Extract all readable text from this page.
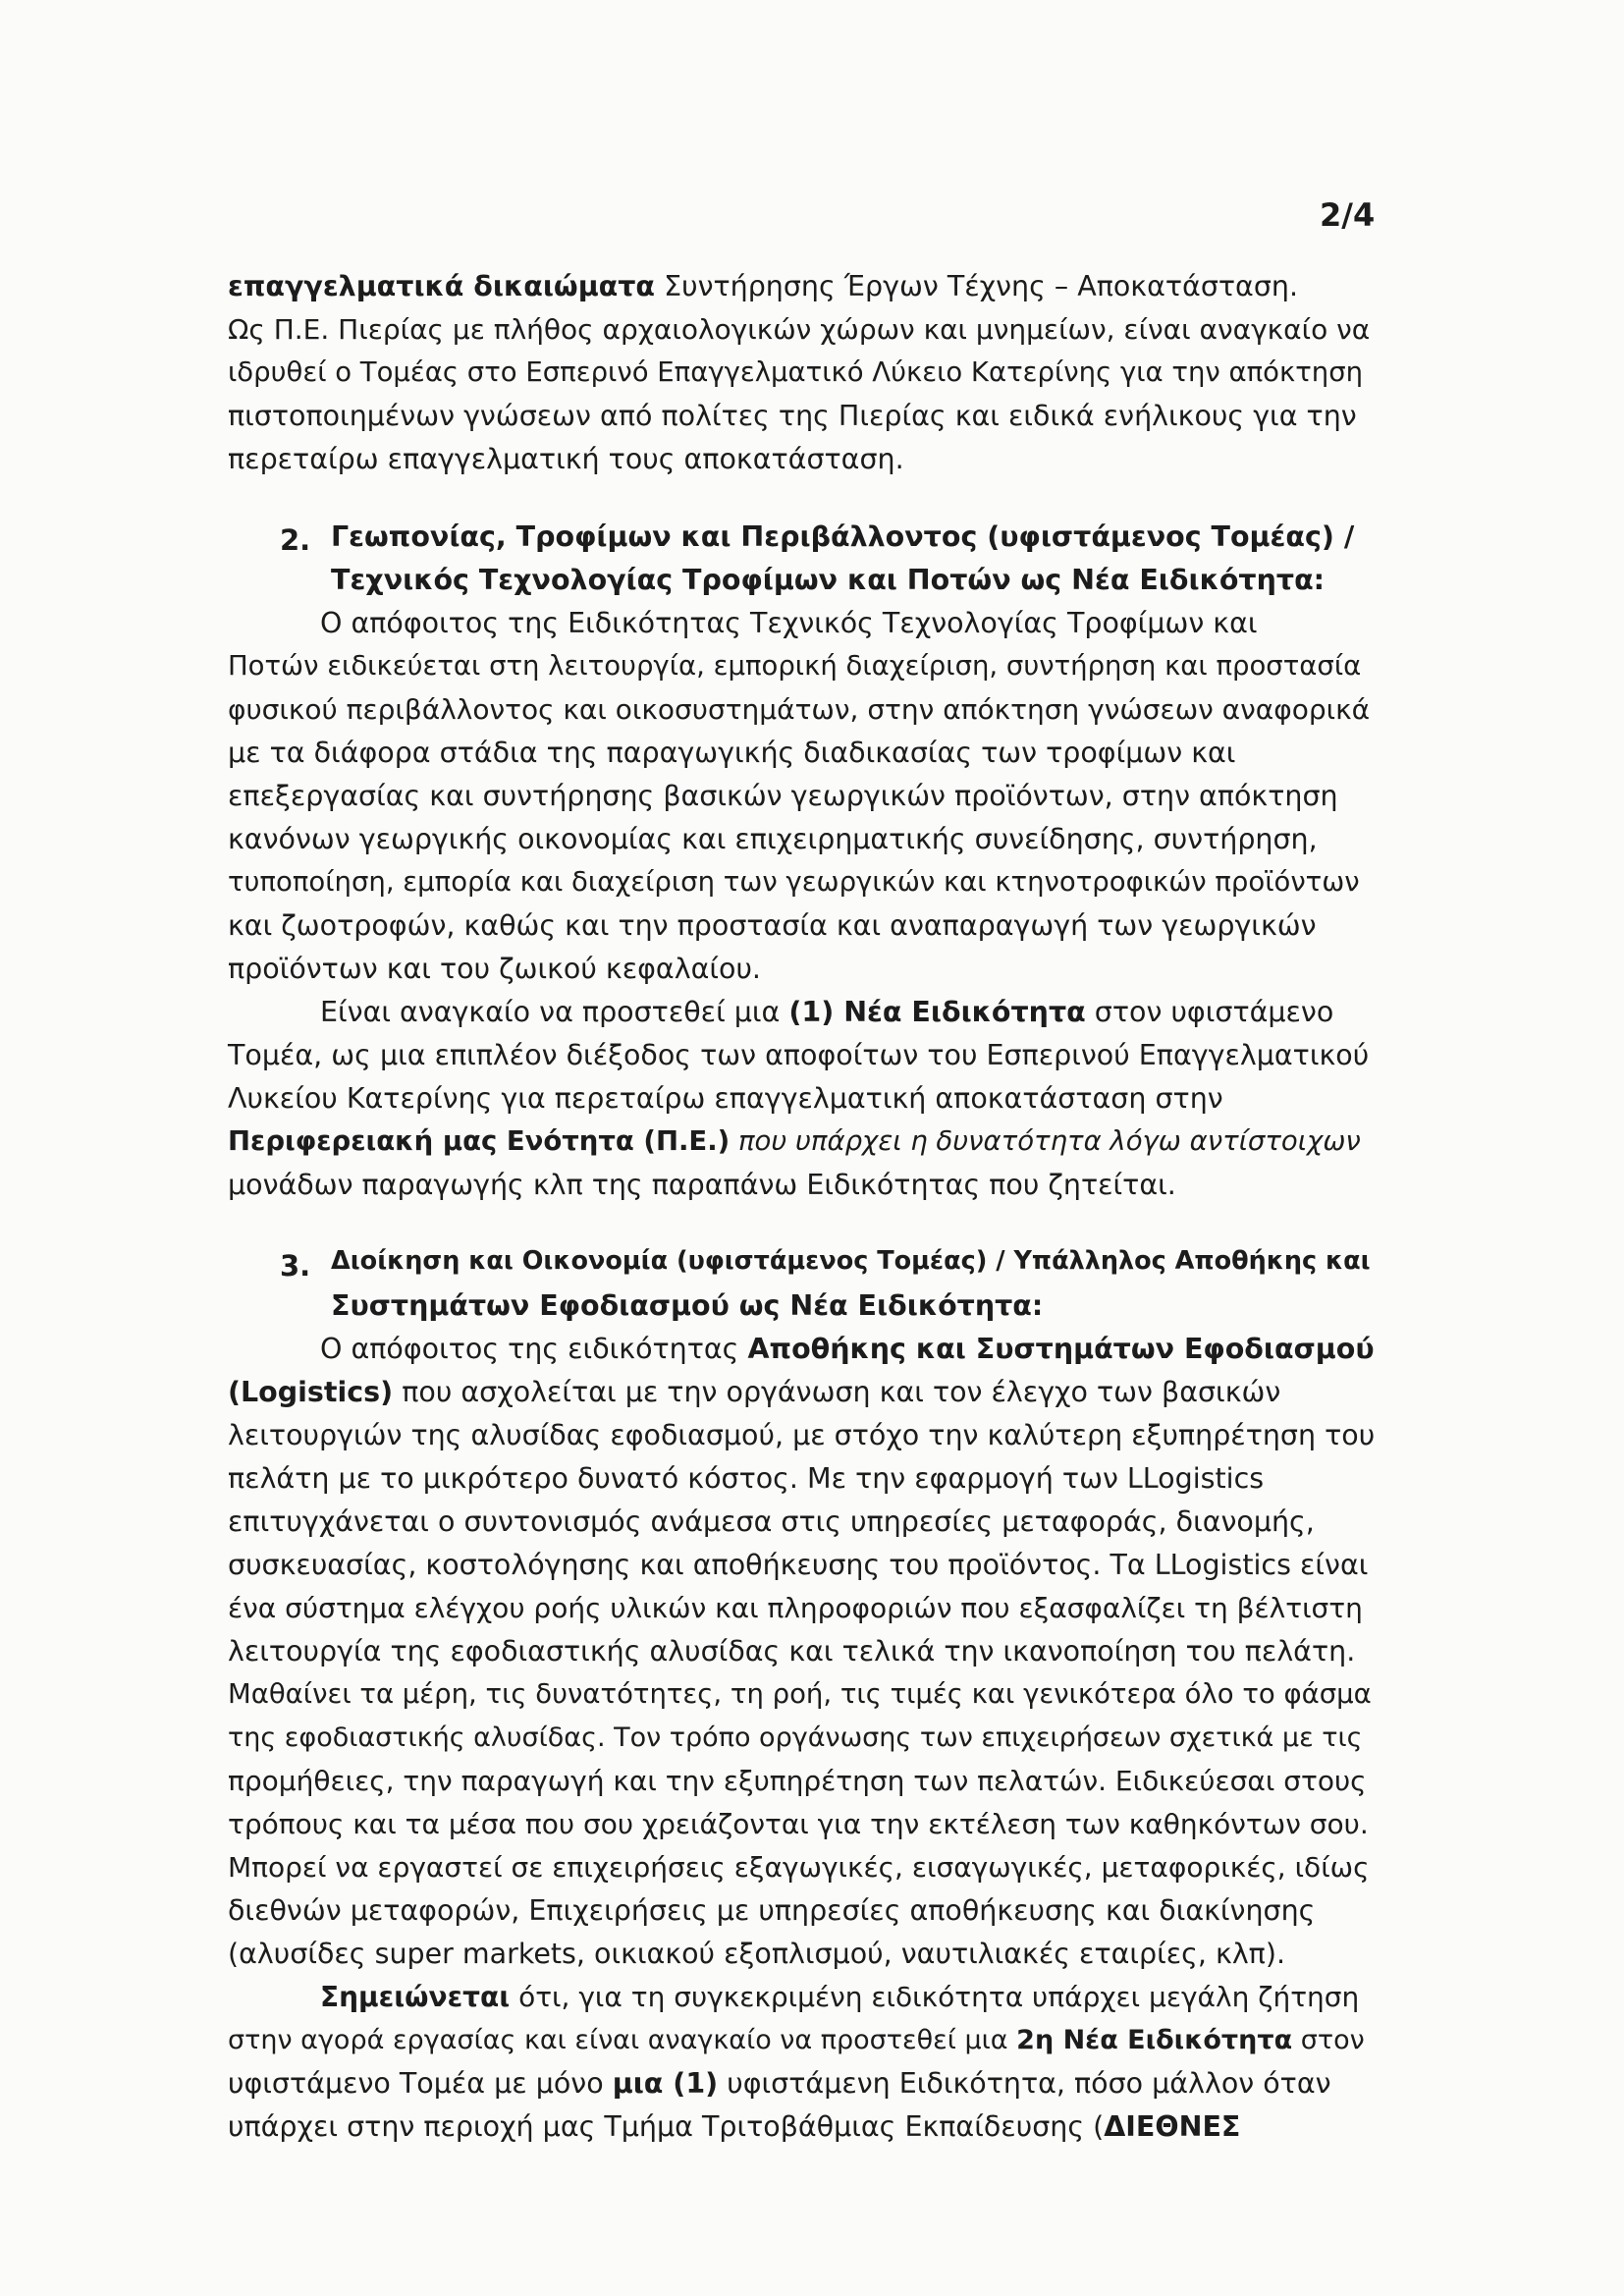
2/4

επαγγελματικά δικαιώματα Συντήρησης Έργων Τέχνης – Αποκατάσταση.

Ως Π.Ε. Πιερίας με πλήθος αρχαιολογικών χώρων και μνημείων, είναι αναγκαίο να

ιδρυθεί ο Τομέας στο Εσπερινό Επαγγελματικό Λύκειο Κατερίνης για την απόκτηση

πιστοποιημένων γνώσεων από πολίτες της Πιερίας και ειδικά ενήλικους για την

περεταίρω επαγγελματική τους αποκατάσταση.

2. Γεωπονίας, Τροφίμων και Περιβάλλοντος (υφιστάμενος Τομέας) /

Τεχνικός Τεχνολογίας Τροφίμων και Ποτών ως Νέα Ειδικότητα:

Ο απόφοιτος της Ειδικότητας Τεχνικός Τεχνολογίας Τροφίμων και

Ποτών ειδικεύεται στη λειτουργία, εμπορική διαχείριση, συντήρηση και προστασία

φυσικού περιβάλλοντος και οικοσυστημάτων, στην απόκτηση γνώσεων αναφορικά

με τα διάφορα στάδια της παραγωγικής διαδικασίας των τροφίμων και

επεξεργασίας και συντήρησης βασικών γεωργικών προϊόντων, στην απόκτηση

κανόνων γεωργικής οικονομίας και επιχειρηματικής συνείδησης, συντήρηση,

τυποποίηση, εμπορία και διαχείριση των γεωργικών και κτηνοτροφικών προϊόντων

και ζωοτροφών, καθώς και την προστασία και αναπαραγωγή των γεωργικών

προϊόντων και του ζωικού κεφαλαίου.

Είναι αναγκαίο να προστεθεί μια (1) Νέα Ειδικότητα στον υφιστάμενο

Τομέα, ως μια επιπλέον διέξοδος των αποφοίτων του Εσπερινού Επαγγελματικού

Λυκείου Κατερίνης για περεταίρω επαγγελματική αποκατάσταση στην

Περιφερειακή μας Ενότητα (Π.Ε.) που υπάρχει η δυνατότητα λόγω αντίστοιχων

μονάδων παραγωγής κλπ της παραπάνω Ειδικότητας που ζητείται.

3. Διοίκηση και Οικονομία (υφιστάμενος Τομέας) / Υπάλληλος Αποθήκης και

Συστημάτων Εφοδιασμού ως Νέα Ειδικότητα:

Ο απόφοιτος της ειδικότητας Αποθήκης και Συστημάτων Εφοδιασμού

(Logistics) που ασχολείται με την οργάνωση και τον έλεγχο των βασικών

λειτουργιών της αλυσίδας εφοδιασμού, με στόχο την καλύτερη εξυπηρέτηση του

πελάτη με το μικρότερο δυνατό κόστος. Με την εφαρμογή των LLogistics

επιτυγχάνεται ο συντονισμός ανάμεσα στις υπηρεσίες μεταφοράς, διανομής,

συσκευασίας, κοστολόγησης και αποθήκευσης του προϊόντος. Τα LLogistics είναι

ένα σύστημα ελέγχου ροής υλικών και πληροφοριών που εξασφαλίζει τη βέλτιστη

λειτουργία της εφοδιαστικής αλυσίδας και τελικά την ικανοποίηση του πελάτη.

Μαθαίνει τα μέρη, τις δυνατότητες, τη ροή, τις τιμές και γενικότερα όλο το φάσμα

της εφοδιαστικής αλυσίδας. Τον τρόπο οργάνωσης των επιχειρήσεων σχετικά με τις

προμήθειες, την παραγωγή και την εξυπηρέτηση των πελατών. Ειδικεύεσαι στους

τρόπους και τα μέσα που σου χρειάζονται για την εκτέλεση των καθηκόντων σου.

Μπορεί να εργαστεί σε επιχειρήσεις εξαγωγικές, εισαγωγικές, μεταφορικές, ιδίως

διεθνών μεταφορών, Επιχειρήσεις με υπηρεσίες αποθήκευσης και διακίνησης

(αλυσίδες super markets, οικιακού εξοπλισμού, ναυτιλιακές εταιρίες, κλπ).

Σημειώνεται ότι, για τη συγκεκριμένη ειδικότητα υπάρχει μεγάλη ζήτηση

στην αγορά εργασίας και είναι αναγκαίο να προστεθεί μια 2η Νέα Ειδικότητα στον

υφιστάμενο Τομέα με μόνο μια (1) υφιστάμενη Ειδικότητα, πόσο μάλλον όταν

υπάρχει στην περιοχή μας Τμήμα Τριτοβάθμιας Εκπαίδευσης (ΔΙΕΘΝΕΣ
